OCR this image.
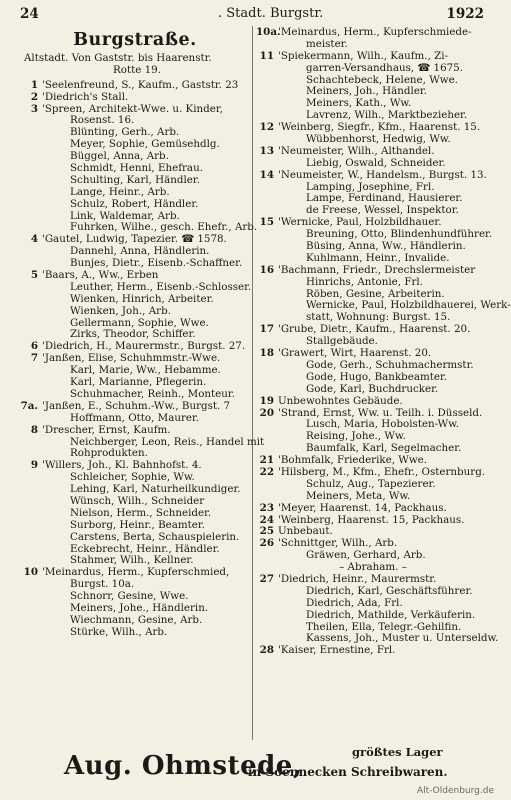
24	. Stadt. Burgstr.	1922
Burgstraße.
Altstadt. Von Gaststr. bis Haarenstr.
Rotte 19.
1 'Seelenfreund, S., Kaufm., Gaststr. 23
2 'Diedrich's Stall.
3 'Spreen, Architekt-Wwe. u. Kinder,
Rosenst. 16.
Blünting, Gerh., Arb.
Meyer, Sophie, Gemüsehdlg.
Büggel, Anna, Arb.
Schmidt, Henni, Ehefrau.
Schulting, Karl, Händler.
Lange, Heinr., Arb.
Schulz, Robert, Händler.
Link, Waldemar, Arb.
Fuhrken, Wilhe., gesch. Ehefr., Arb.
4 'Gautel, Ludwig, Tapezier. ☎ 1578.
Dannehl, Anna, Händlerin.
Bunjes, Dietr., Eisenb.-Schaffner.
5 'Baars, A., Ww., Erben
Leuther, Herm., Eisenb.-Schlosser.
Wienken, Hinrich, Arbeiter.
Wienken, Joh., Arb.
Gellermann, Sophie, Wwe.
Zirks, Theodor, Schiffer.
6 'Diedrich, H., Maurermstr., Burgst. 27.
7 'Janßen, Elise, Schuhmmstr.-Wwe.
Karl, Marie, Ww., Hebamme.
Karl, Marianne, Pflegerin.
Schuhmacher, Reinh., Monteur.
7a. 'Janßen, E., Schuhm.-Ww., Burgst. 7
Hoffmann, Otto, Maurer.
8 'Drescher, Ernst, Kaufm.
Neichberger, Leon, Reis., Handel mit
Rohprodukten.
9 'Willers, Joh., Kl. Bahnhofst. 4.
Schleicher, Sophie, Ww.
Lehing, Karl, Naturheilkundiger.
Wünsch, Wilh., Schneider
Nielson, Herm., Schneider.
Surborg, Heinr., Beamter.
Carstens, Berta, Schauspielerin.
Eckebrecht, Heinr., Händler.
Stahmer, Wilh., Kellner.
10 'Meinardus, Herm., Kupferschmied,
Burgst. 10a.
Schnorr, Gesine, Wwe.
Meiners, Johe., Händlerin.
Wiechmann, Gesine, Arb.
Stürke, Wilh., Arb.
10a.
'Meinardus, Herm., Kupferschmiede-
meister.
11 'Spiekermann, Wilh., Kaufm., Zi-
garren-Versandhaus, ☎ 1675.
Schachtebeck, Helene, Wwe.
Meiners, Joh., Händler.
Meiners, Kath., Ww.
Lavrenz, Wilh., Marktbezieher.
12 'Weinberg, Siegfr., Kfm., Haarenst. 15.
Wübbenhorst, Hedwig, Ww.
13 'Neumeister, Wilh., Althandel.
Liebig, Oswald, Schneider.
14 'Neumeister, W., Handelsm., Burgst. 13.
Lamping, Josephine, Frl.
Lampe, Ferdinand, Hausierer.
de Freese, Wessel, Inspektor.
15 'Wernicke, Paul, Holzbildhauer.
Breuning, Otto, Blindenhundführer.
Büsing, Anna, Ww., Händlerin.
Kuhlmann, Heinr., Invalide.
16 'Bachmann, Friedr., Drechslermeister
Hinrichs, Antonie, Frl.
Röben, Gesine, Arbeiterin.
Wernicke, Paul, Holzbildhauerei, Werk-
statt, Wohnung: Burgst. 15.
17 'Grube, Dietr., Kaufm., Haarenst. 20.
Stallgebäude.
18 'Grawert, Wirt, Haarenst. 20.
Gode, Gerh., Schuhmachermstr.
Gode, Hugo, Bankbeamter.
Gode, Karl, Buchdrucker.
19 Unbewohntes Gebäude.
20 'Strand, Ernst, Ww. u. Teilh. i. Düsseld.
Lusch, Maria, Hoboisten-Ww.
Reising, Johe., Ww.
Baumfalk, Karl, Segelmacher.
21 'Bohmfalk, Friederike, Wwe.
22 'Hilsberg, M., Kfm., Ehefr., Osternburg.
Schulz, Aug., Tapezierer.
Meiners, Meta, Ww.
23 'Meyer, Haarenst. 14, Packhaus.
24 'Weinberg, Haarenst. 15, Packhaus.
25 Unbebaut.
26 'Schnittger, Wilh., Arb.
Gräwen, Gerhard, Arb.
– Abraham. –
27 'Diedrich, Heinr., Maurermstr.
Diedrich, Karl, Geschäftsführer.
Diedrich, Ada, Frl.
Diedrich, Mathilde, Verkäuferin.
Theilen, Ella, Telegr.-Gehilfin.
Kassens, Joh., Muster u. Unterseldw.
28 'Kaiser, Ernestine, Frl.
Aug. Ohmstede,	größtes Lager
in Soennecken Schreibwaren.
Alt-Oldenburg.de
